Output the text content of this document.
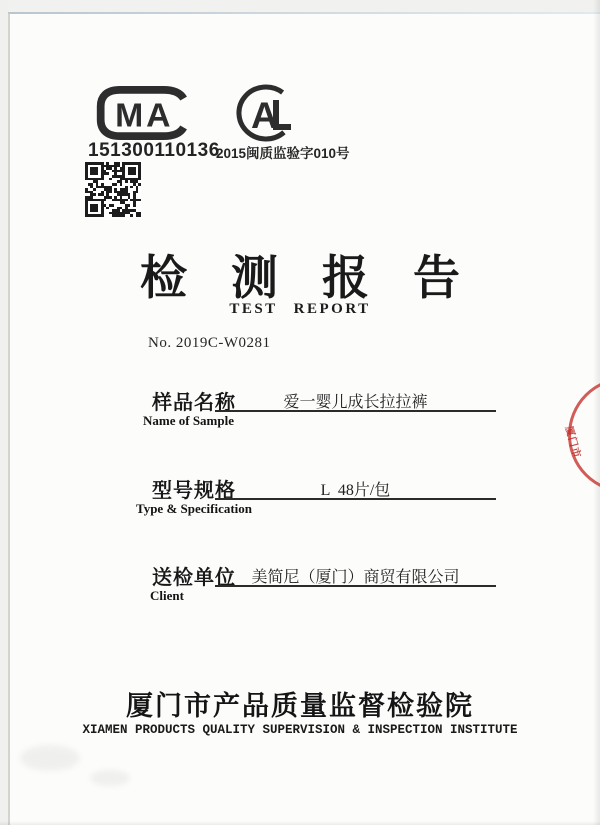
MA
151300110136
A
2015闽质监验字010号
检测报告
TEST REPORT
No. 2019C-W0281
样品名称	爱一婴儿成长拉拉裤
Name of Sample
型号规格	L  48片/包
Type & Specification
送检单位 美简尼（厦门）商贸有限公司
Client
厦门市产品质量监督检验院
XIAMEN PRODUCTS QUALITY SUPERVISION & INSPECTION INSTITUTE
厦门市
